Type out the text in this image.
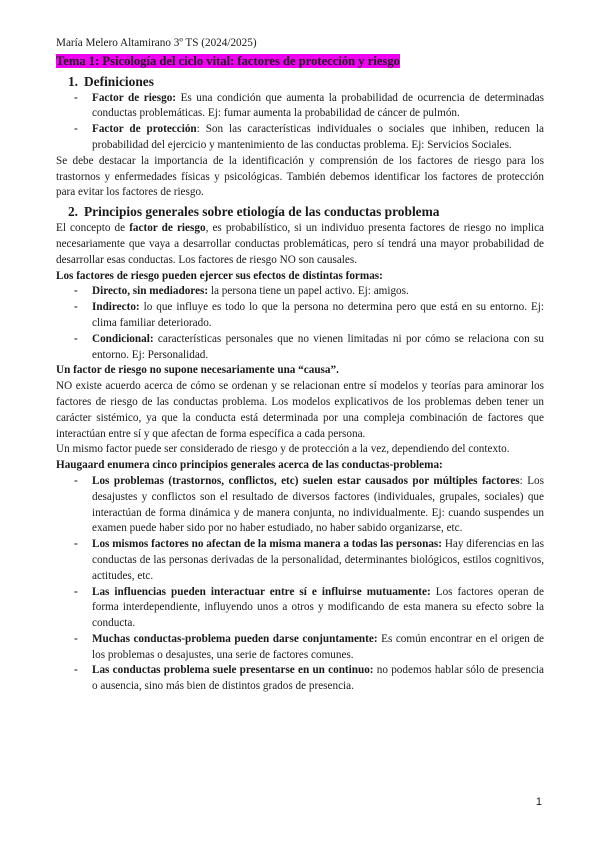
María Melero Altamirano 3º TS (2024/2025)

Tema 1: Psicología del ciclo vital: factores de protección y riesgo
1. Definiciones
- Factor de riesgo: Es una condición que aumenta la probabilidad de ocurrencia de determinadas conductas problemáticas. Ej: fumar aumenta la probabilidad de cáncer de pulmón.
- Factor de protección: Son las características individuales o sociales que inhiben, reducen la probabilidad del ejercicio y mantenimiento de las conductas problema. Ej: Servicios Sociales.

Se debe destacar la importancia de la identificación y comprensión de los factores de riesgo para los trastornos y enfermedades físicas y psicológicas. También debemos identificar los factores de protección para evitar los factores de riesgo.

2. Principios generales sobre etiología de las conductas problema

El concepto de factor de riesgo, es probabilístico, si un individuo presenta factores de riesgo no implica necesariamente que vaya a desarrollar conductas problemáticas, pero sí tendrá una mayor probabilidad de desarrollar esas conductas. Los factores de riesgo NO son causales.

Los factores de riesgo pueden ejercer sus efectos de distintas formas:

- Directo, sin mediadores: la persona tiene un papel activo. Ej: amigos.
- Indirecto: lo que influye es todo lo que la persona no determina pero que está en su entorno. Ej: clima familiar deteriorado.
- Condicional: características personales que no vienen limitadas ni por cómo se relaciona con su entorno. Ej: Personalidad.

Un factor de riesgo no supone necesariamente una “causa”.

NO existe acuerdo acerca de cómo se ordenan y se relacionan entre sí modelos y teorías para aminorar los factores de riesgo de las conductas problema. Los modelos explicativos de los problemas deben tener un carácter sistémico, ya que la conducta está determinada por una compleja combinación de factores que interactúan entre sí y que afectan de forma específica a cada persona.

Un mismo factor puede ser considerado de riesgo y de protección a la vez, dependiendo del contexto.

Haugaard enumera cinco principios generales acerca de las conductas-problema:

- Los problemas (trastornos, conflictos, etc) suelen estar causados por múltiples factores: Los desajustes y conflictos son el resultado de diversos factores (individuales, grupales, sociales) que interactúan de forma dinámica y de manera conjunta, no individualmente. Ej: cuando suspendes un examen puede haber sido por no haber estudiado, no haber sabido organizarse, etc.
- Los mismos factores no afectan de la misma manera a todas las personas: Hay diferencias en las conductas de las personas derivadas de la personalidad, determinantes biológicos, estilos cognitivos, actitudes, etc.
- Las influencias pueden interactuar entre sí e influirse mutuamente: Los factores operan de forma interdependiente, influyendo unos a otros y modificando de esta manera su efecto sobre la conducta.
- Muchas conductas-problema pueden darse conjuntamente: Es común encontrar en el origen de los problemas o desajustes, una serie de factores comunes.
- Las conductas problema suele presentarse en un continuo: no podemos hablar sólo de presencia o ausencia, sino más bien de distintos grados de presencia.
1
